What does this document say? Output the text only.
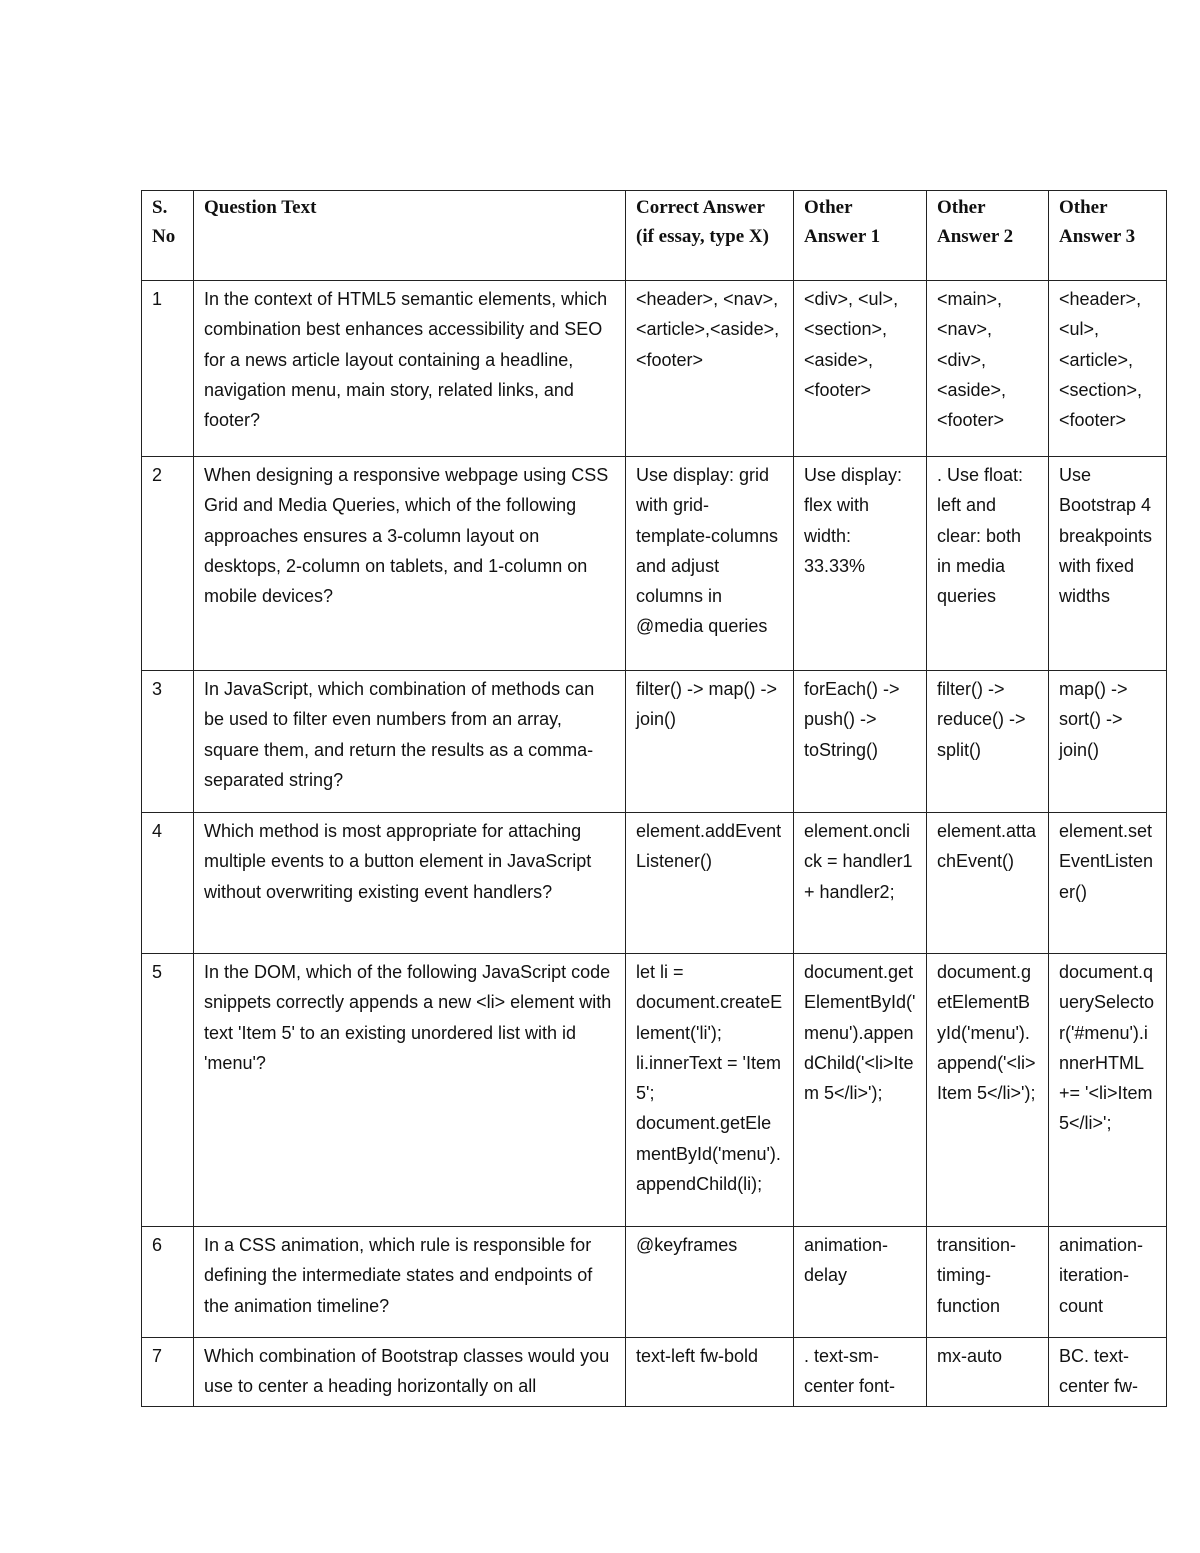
S. No	Question Text	Correct Answer (if essay, type X)	Other Answer 1	Other Answer 2	Other Answer 3
1	In the context of HTML5 semantic elements, which combination best enhances accessibility and SEO for a news article layout containing a headline, navigation menu, main story, related links, and footer?	<header>, <nav>, <article>,<aside>, <footer>	<div>, <ul>, <section>,<aside>, <footer>	<main>, <nav>, <div>, <aside>, <footer>	<header>, <ul>, <article>, <section>, <footer>
2	When designing a responsive webpage using CSS Grid and Media Queries, which of the following approaches ensures a 3-column layout on desktops, 2-column on tablets, and 1-column on mobile devices?	Use display: grid with grid-template-columns and adjust columns in @media queries	Use display: flex with width: 33.33%	. Use float: left and clear: both in media queries	Use Bootstrap 4 breakpoints with fixed widths
3	In JavaScript, which combination of methods can be used to filter even numbers from an array, square them, and return the results as a comma-separated string?	filter() -> map() -> join()	forEach() -> push() -> toString()	filter() -> reduce() -> split()	map() -> sort() -> join()
4	Which method is most appropriate for attaching multiple events to a button element in JavaScript without overwriting existing event handlers?	element.addEventListener()	element.onclick = handler1 + handler2;	element.attachEvent()	element.setEventListener()
5	In the DOM, which of the following JavaScript code snippets correctly appends a new <li> element with text 'Item 5' to an existing unordered list with id 'menu'?	let li = document.createElement('li'); li.innerText = 'Item 5'; document.getElementById('menu').appendChild(li);	document.getElementById('menu').appendChild('<li>Item 5</li>');	document.getElementById('menu').append('<li>Item 5</li>');	document.querySelector('#menu').innerHTML += '<li>Item 5</li>';
6	In a CSS animation, which rule is responsible for defining the intermediate states and endpoints of the animation timeline?	@keyframes	animation-delay	transition-timing-function	animation-iteration-count
7	Which combination of Bootstrap classes would you use to center a heading horizontally on all	text-left fw-bold	. text-sm-center font-	mx-auto	BC. text-center fw-
